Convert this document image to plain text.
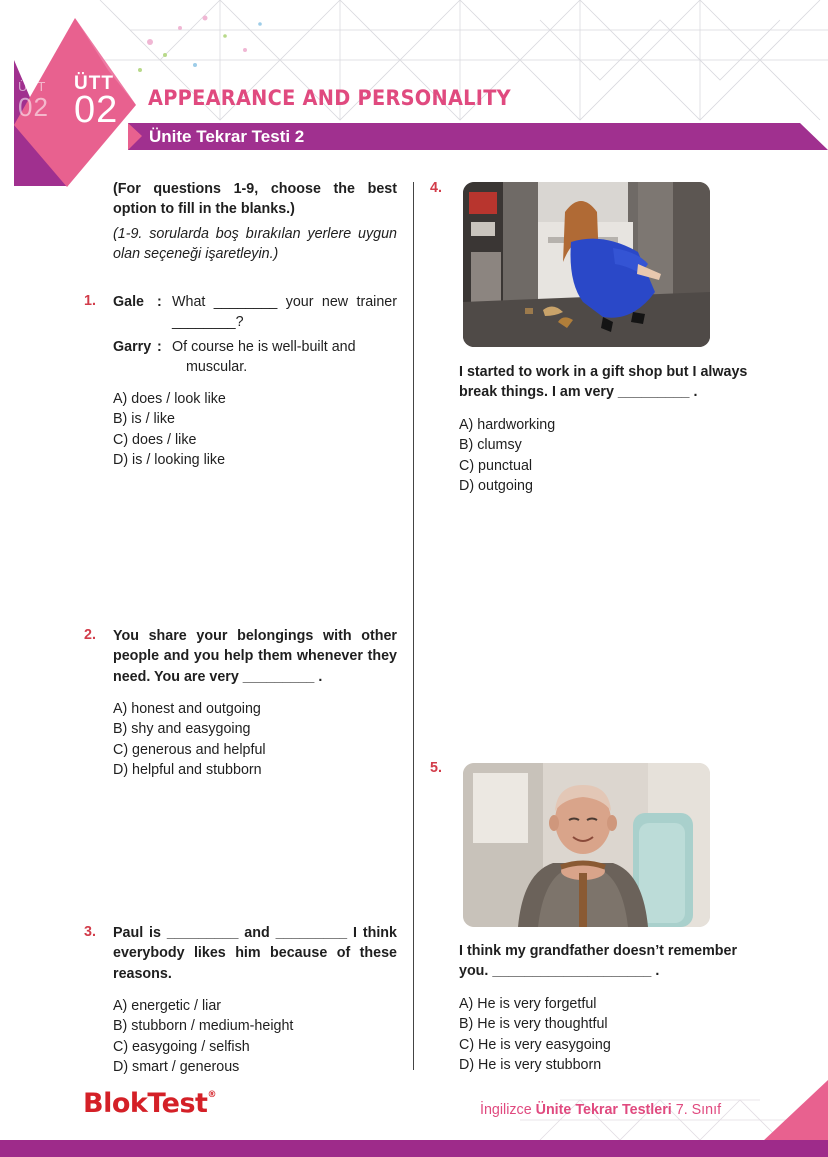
ÜTT
02
ÜTT
02 APPEARANCE AND PERSONALITY
Ünite Tekrar Testi 2
(For questions 1-9, choose the best option to fill in the blanks.)
(1-9. sorularda boş bırakılan yerlere uygun olan seçeneği işaretleyin.)
1. Gale : What ________ your new trainer
________?
Garry : Of course he is well-built and
muscular.
A) does / look like
B) is / like
C) does / like
D) is / looking like
2. You share your belongings with other people and you help them whenever they need. You are very _________ .
A) honest and outgoing
B) shy and easygoing
C) generous and helpful
D) helpful and stubborn
3. Paul is _________ and _________ I think everybody likes him because of these reasons.
A) energetic / liar
B) stubborn / medium-height
C) easygoing / selfish
D) smart / generous
4.
I started to work in a gift shop but I always break things. I am very _________ .
A) hardworking
B) clumsy
C) punctual
D) outgoing
5.
I think my grandfather doesn’t remember you. ____________________ .
A) He is very forgetful
B) He is very thoughtful
C) He is very easygoing
D) He is very stubborn
BlokTest®
İngilizce Ünite Tekrar Testleri 7. Sınıf	13
